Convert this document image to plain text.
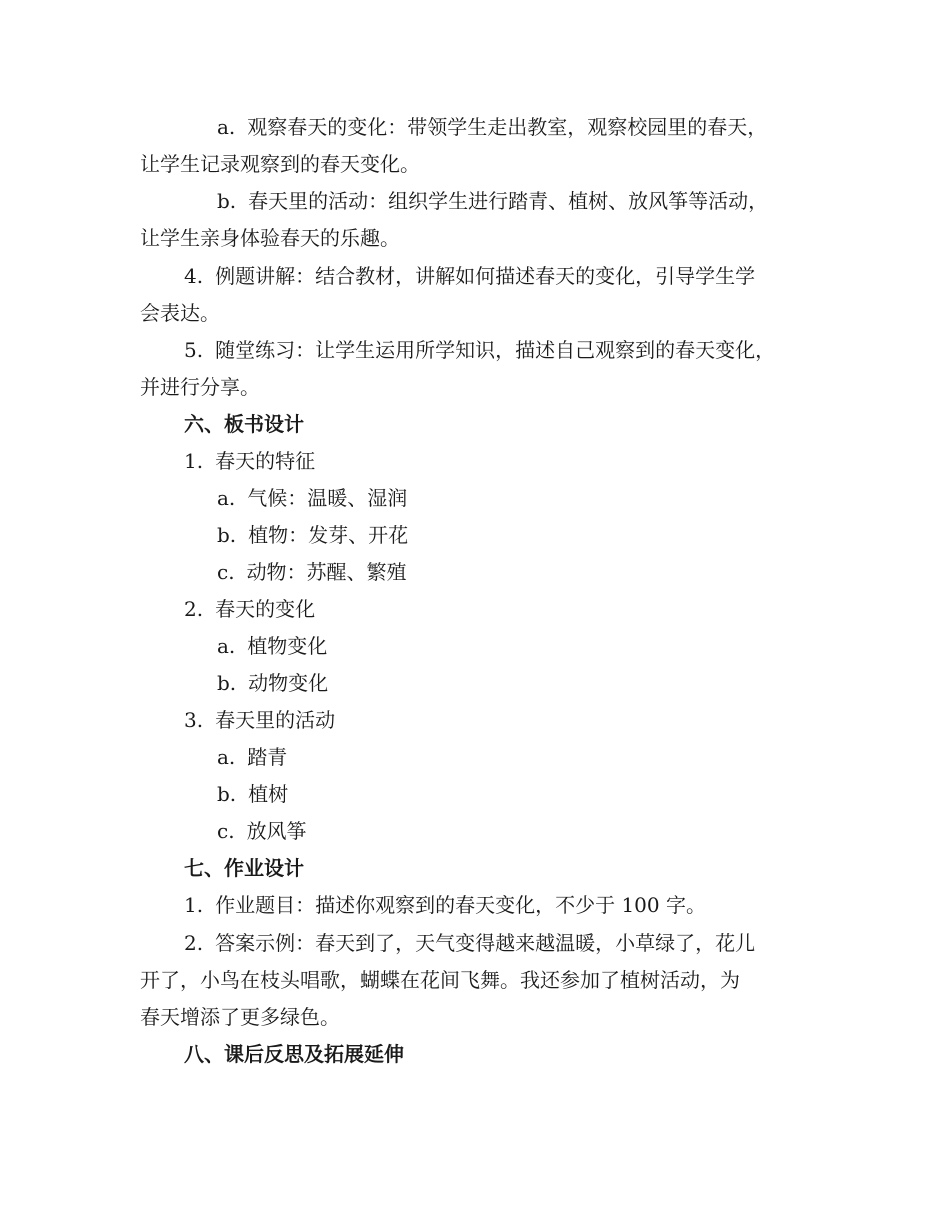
a. 观察春天的变化：带领学生走出教室，观察校园里的春天，
让学生记录观察到的春天变化。
b. 春天里的活动：组织学生进行踏青、植树、放风筝等活动，
让学生亲身体验春天的乐趣。
4. 例题讲解：结合教材，讲解如何描述春天的变化，引导学生学
会表达。
5. 随堂练习：让学生运用所学知识，描述自己观察到的春天变化，
并进行分享。
六、板书设计
1. 春天的特征
a. 气候：温暖、湿润
b. 植物：发芽、开花
c. 动物：苏醒、繁殖
2. 春天的变化
a. 植物变化
b. 动物变化
3. 春天里的活动
a. 踏青
b. 植树
c. 放风筝
七、作业设计
1. 作业题目：描述你观察到的春天变化，不少于 100 字。
2. 答案示例：春天到了，天气变得越来越温暖，小草绿了，花儿
开了，小鸟在枝头唱歌，蝴蝶在花间飞舞。我还参加了植树活动，为
春天增添了更多绿色。
八、课后反思及拓展延伸
